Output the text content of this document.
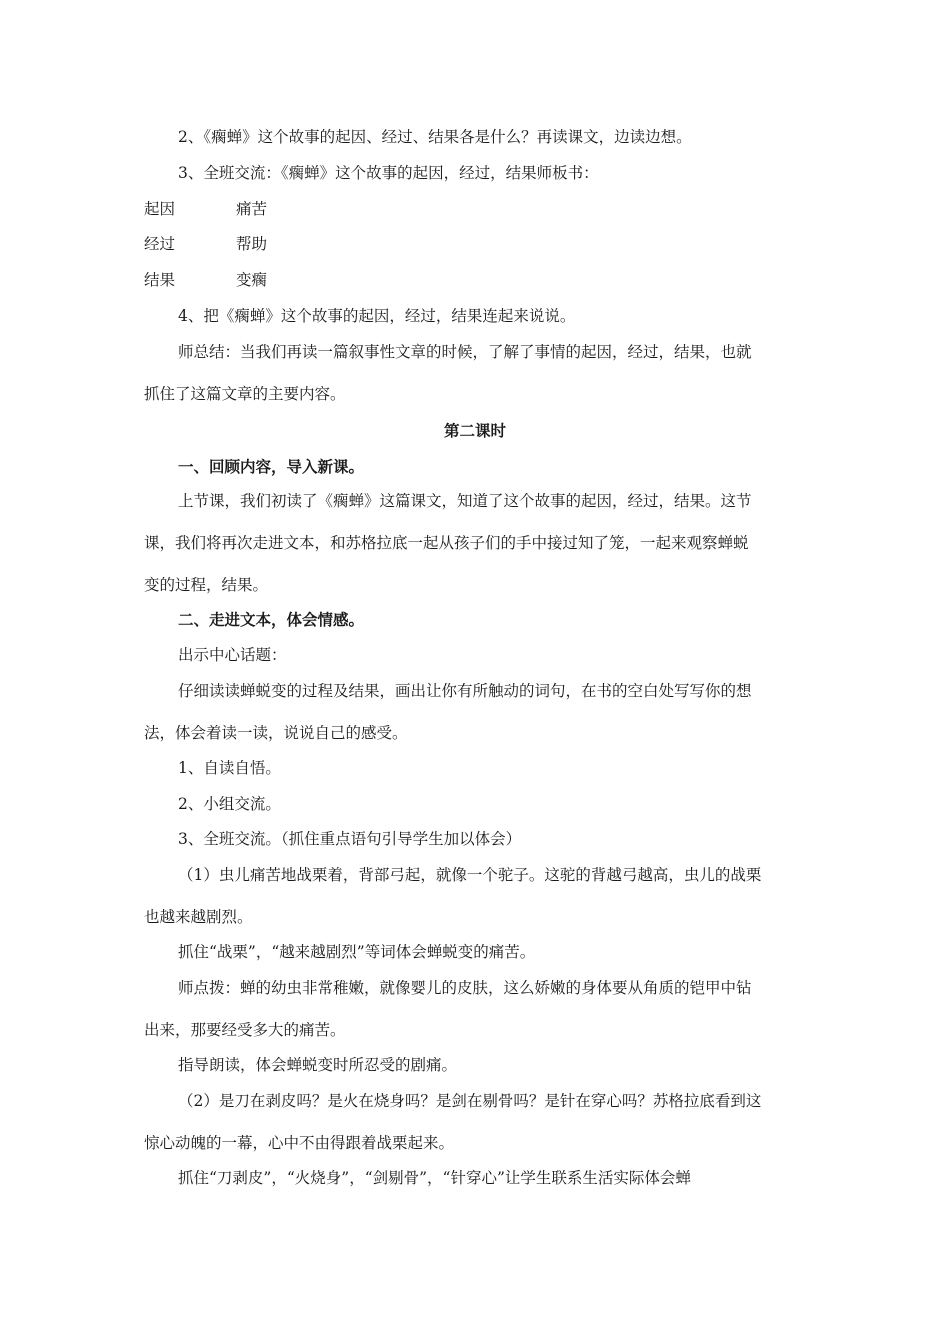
2、《瘸蝉》这个故事的起因、经过、结果各是什么？再读课文，边读边想。
3、全班交流：《瘸蝉》这个故事的起因，经过，结果师板书：
起因	痛苦
经过	帮助
结果	变瘸
4、把《瘸蝉》这个故事的起因，经过，结果连起来说说。
师总结：当我们再读一篇叙事性文章的时候，了解了事情的起因，经过，结果，也就
抓住了这篇文章的主要内容。
第二课时
一、回顾内容，导入新课。
上节课，我们初读了《瘸蝉》这篇课文，知道了这个故事的起因，经过，结果。这节
课，我们将再次走进文本，和苏格拉底一起从孩子们的手中接过知了笼，一起来观察蝉蜕
变的过程，结果。
二、走进文本，体会情感。
出示中心话题：
仔细读读蝉蜕变的过程及结果，画出让你有所触动的词句，在书的空白处写写你的想
法，体会着读一读，说说自己的感受。
1、自读自悟。
2、小组交流。
3、全班交流。（抓住重点语句引导学生加以体会）
（1）虫儿痛苦地战栗着，背部弓起，就像一个驼子。这驼的背越弓越高，虫儿的战栗
也越来越剧烈。
抓住“战栗”，“越来越剧烈”等词体会蝉蜕变的痛苦。
师点拨：蝉的幼虫非常稚嫩，就像婴儿的皮肤，这么娇嫩的身体要从角质的铠甲中钻
出来，那要经受多大的痛苦。
指导朗读，体会蝉蜕变时所忍受的剧痛。
（2）是刀在剥皮吗？是火在烧身吗？是剑在剔骨吗？是针在穿心吗？苏格拉底看到这
惊心动魄的一幕，心中不由得跟着战栗起来。
抓住“刀剥皮”，“火烧身”，“剑剔骨”，“针穿心”让学生联系生活实际体会蝉
